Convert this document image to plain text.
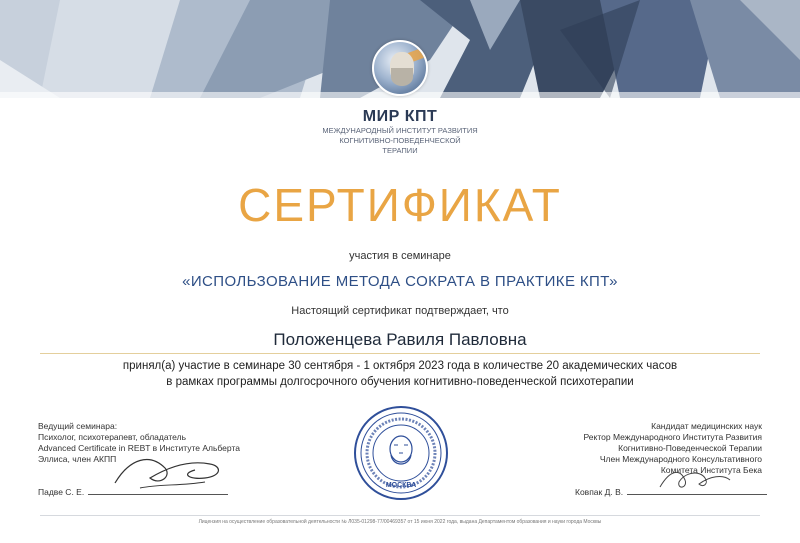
МИР КПТ
МЕЖДУНАРОДНЫЙ ИНСТИТУТ РАЗВИТИЯ
КОГНИТИВНО-ПОВЕДЕНЧЕСКОЙ
ТЕРАПИИ
СЕРТИФИКАТ
участия в семинаре
«ИСПОЛЬЗОВАНИЕ МЕТОДА СОКРАТА В ПРАКТИКЕ КПТ»
Настоящий сертификат подтверждает, что
Положенцева Равиля Павловна
принял(а) участие в семинаре 30 сентября - 1 октября 2023 года в количестве 20 академических часов
в рамках программы долгосрочного обучения когнитивно-поведенческой психотерапии
Ведущий семинара:
Психолог, психотерапевт, обладатель
Advanced Certificate in REBT в Институте Альберта
Эллиса, член АКПП
Падве С. Е.
Кандидат медицинских наук
Ректор Международного Института Развития
Когнитивно-Поведенческой Терапии
Член Международного Консультативного
Комитета Института Бека
Ковпак Д. В.
МОСКВА
Лицензия на осуществление образовательной деятельности № Л035-01298-77/00469357 от 15 июня 2022 года, выдана Департаментом образования и науки города Москвы
